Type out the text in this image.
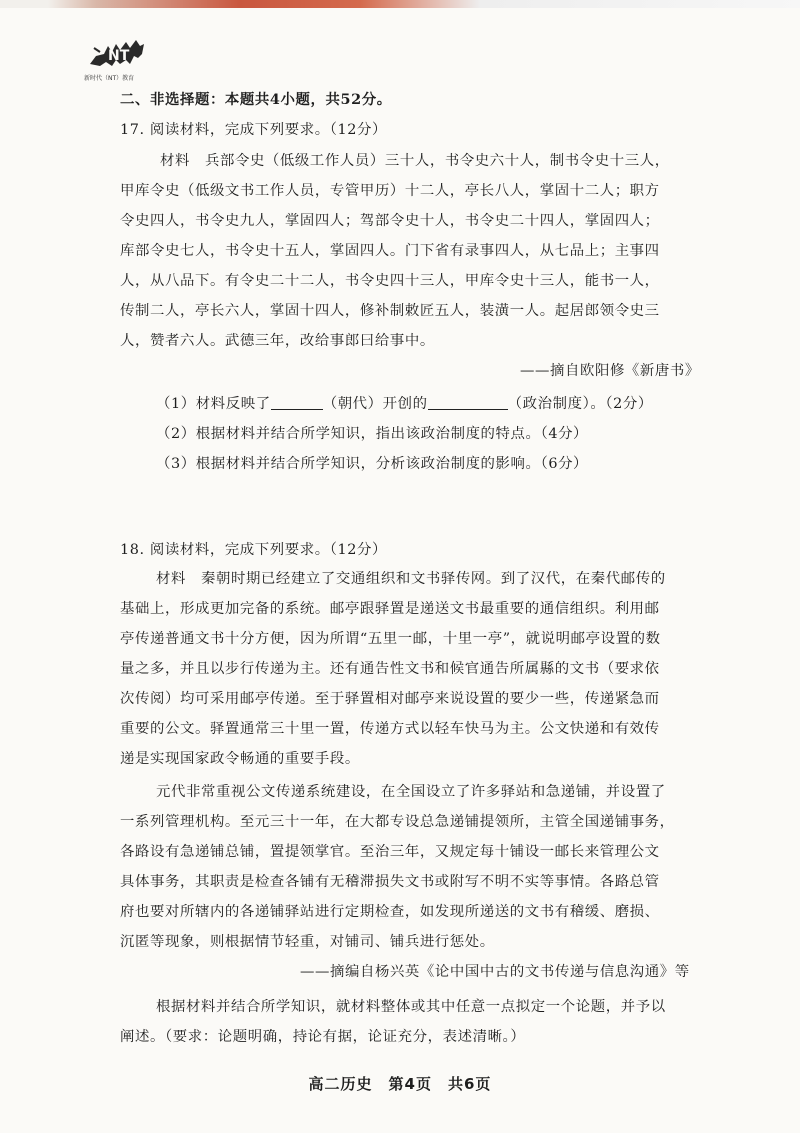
NT
新时代（NT）教育
二、非选择题：本题共4小题，共52分。
17. 阅读材料，完成下列要求。（12分）
材料　兵部令史（低级工作人员）三十人，书令史六十人，制书令史十三人，
甲库令史（低级文书工作人员，专管甲历）十二人，亭长八人，掌固十二人；职方
令史四人，书令史九人，掌固四人；驾部令史十人，书令史二十四人，掌固四人；
库部令史七人，书令史十五人，掌固四人。门下省有录事四人，从七品上；主事四
人，从八品下。有令史二十二人，书令史四十三人，甲库令史十三人，能书一人，
传制二人，亭长六人，掌固十四人，修补制敕匠五人，装潢一人。起居郎领令史三
人，赞者六人。武德三年，改给事郎曰给事中。
——摘自欧阳修《新唐书》
（1）材料反映了	（朝代）开创的	（政治制度）。（2分）
（2）根据材料并结合所学知识，指出该政治制度的特点。（4分）
（3）根据材料并结合所学知识，分析该政治制度的影响。（6分）
18. 阅读材料，完成下列要求。（12分）
材料　秦朝时期已经建立了交通组织和文书驿传网。到了汉代，在秦代邮传的
基础上，形成更加完备的系统。邮亭跟驿置是递送文书最重要的通信组织。利用邮
亭传递普通文书十分方便，因为所谓“五里一邮，十里一亭”，就说明邮亭设置的数
量之多，并且以步行传递为主。还有通告性文书和候官通告所属縣的文书（要求依
次传阅）均可采用邮亭传递。至于驿置相对邮亭来说设置的要少一些，传递紧急而
重要的公文。驿置通常三十里一置，传递方式以轻车快马为主。公文快递和有效传
递是实现国家政令畅通的重要手段。
元代非常重视公文传递系统建设，在全国设立了许多驿站和急递铺，并设置了
一系列管理机构。至元三十一年，在大都专设总急递铺提领所，主管全国递铺事务，
各路设有急递铺总铺，置提领掌官。至治三年，又规定每十铺设一邮长来管理公文
具体事务，其职责是检查各铺有无稽滞损失文书或附写不明不实等事情。各路总管
府也要对所辖内的各递铺驿站进行定期检查，如发现所递送的文书有稽缓、磨损、
沉匿等现象，则根据情节轻重，对铺司、铺兵进行惩处。
——摘编自杨兴英《论中国中古的文书传递与信息沟通》等
根据材料并结合所学知识，就材料整体或其中任意一点拟定一个论题，并予以
阐述。（要求：论题明确，持论有据，论证充分，表述清晰。）
高二历史　第4页　共6页
